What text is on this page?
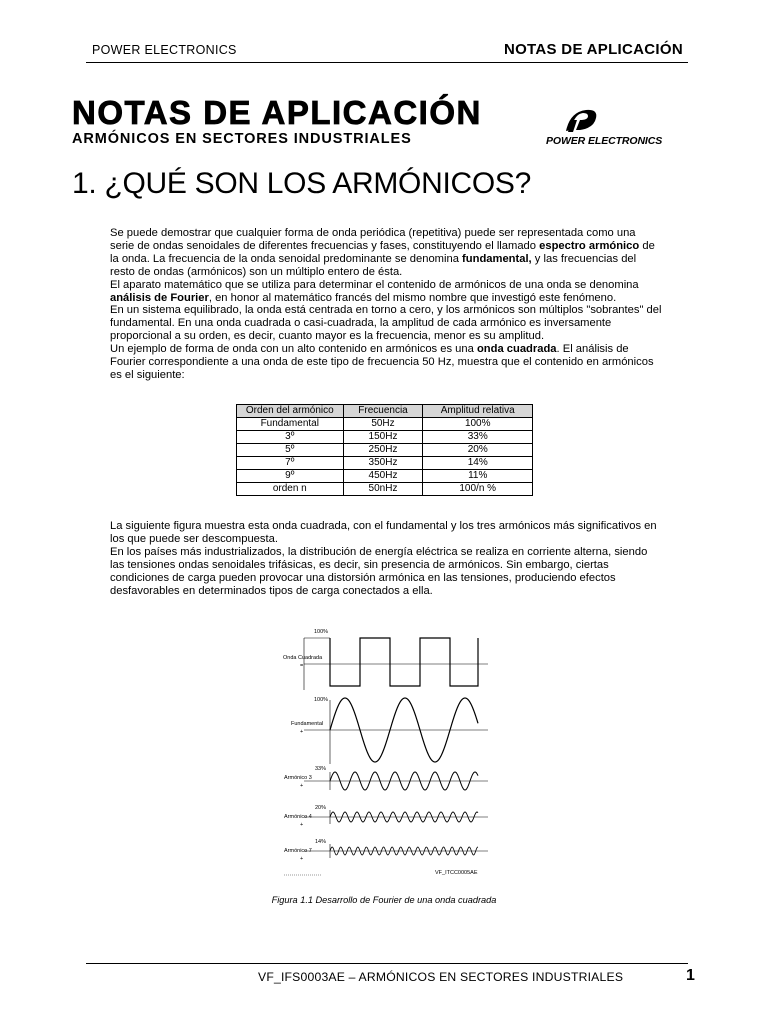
POWER ELECTRONICS	NOTAS DE APLICACIÓN
NOTAS DE APLICACIÓN
ARMÓNICOS EN SECTORES INDUSTRIALES	POWER ELECTRONICS
1. ¿QUÉ SON LOS ARMÓNICOS?

Se puede demostrar que cualquier forma de onda periódica (repetitiva) puede ser representada como una serie de ondas senoidales de diferentes frecuencias y fases, constituyendo el llamado espectro armónico de la onda. La frecuencia de la onda senoidal predominante se denomina fundamental, y las frecuencias del resto de ondas (armónicos) son un múltiplo entero de ésta.

El aparato matemático que se utiliza para determinar el contenido de armónicos de una onda se denomina análisis de Fourier, en honor al matemático francés del mismo nombre que investigó este fenómeno.

En un sistema equilibrado, la onda está centrada en torno a cero, y los armónicos son múltiplos "sobrantes" del fundamental. En una onda cuadrada o casi-cuadrada, la amplitud de cada armónico es inversamente proporcional a su orden, es decir, cuanto mayor es la frecuencia, menor es su amplitud.

Un ejemplo de forma de onda con un alto contenido en armónicos es una onda cuadrada. El análisis de Fourier correspondiente a una onda de este tipo de frecuencia 50 Hz, muestra que el contenido en armónicos es el siguiente:

Orden del armónico	Frecuencia	Amplitud relativa
Fundamental	50Hz	100%
3º	150Hz	33%
5º	250Hz	20%
7º	350Hz	14%
9º	450Hz	11%
orden n	50nHz	100/n %

La siguiente figura muestra esta onda cuadrada, con el fundamental y los tres armónicos más significativos en los que puede ser descompuesta.

En los países más industrializados, la distribución de energía eléctrica se realiza en corriente alterna, siendo las tensiones ondas senoidales trifásicas, es decir, sin presencia de armónicos. Sin embargo, ciertas condiciones de carga pueden provocar una distorsión armónica en las tensiones, produciendo efectos desfavorables en determinados tipos de carga conectados a ella.

100%
Onda Cuadrada
=
100%
Fundamental
+
33%
Armónico 3
+
20%
Armónico 4
+
14%
Armónico 7
+
VF_ITCC0005AE
Figura 1.1 Desarrollo de Fourier de una onda cuadrada
VF_IFS0003AE – ARMÓNICOS EN SECTORES INDUSTRIALES	1
